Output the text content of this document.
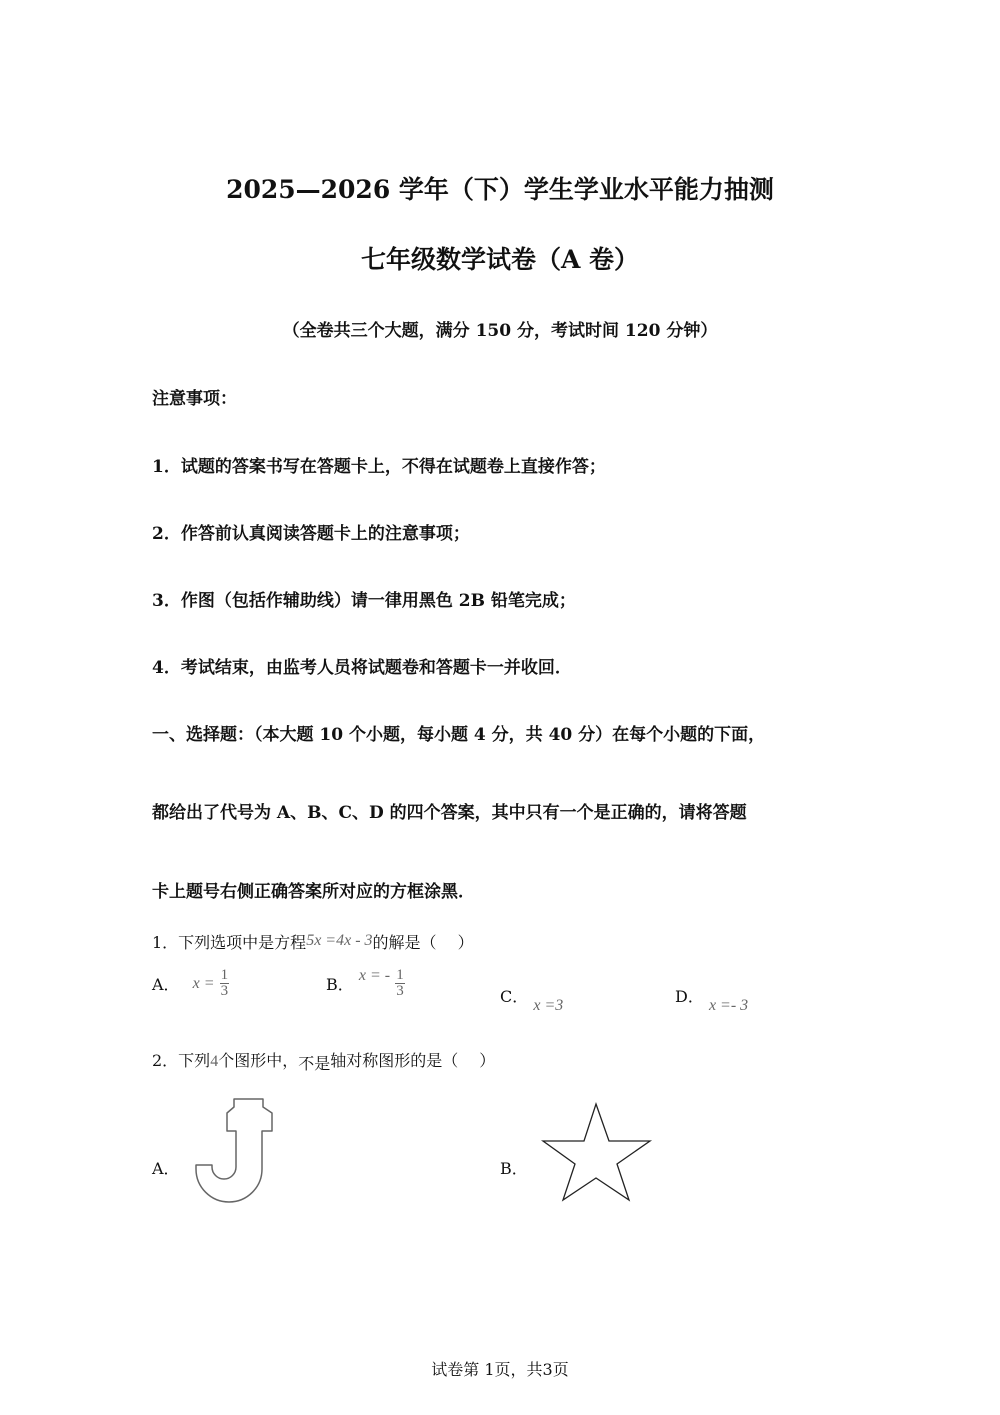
2025—2026 学年（下）学生学业水平能力抽测
七年级数学试卷（A 卷）
（全卷共三个大题，满分 150 分，考试时间 120 分钟）
注意事项：
1．试题的答案书写在答题卡上，不得在试题卷上直接作答；
2．作答前认真阅读答题卡上的注意事项；
3．作图（包括作辅助线）请一律用黑色 2B 铅笔完成；
4．考试结束，由监考人员将试题卷和答题卡一并收回．
一、选择题：（本大题 10 个小题，每小题 4 分，共 40 分）在每个小题的下面，
都给出了代号为 A、B、C、D 的四个答案，其中只有一个是正确的，请将答题
卡上题号右侧正确答案所对应的方框涂黑．
1．下列选项中是方程5x =4x - 3的解是（　 ）
A． $x = \frac{1}{3}$	B． x = - $\frac{1}{3}$	C． x =3	D． x =- 3
2．下列4个图形中，不是轴对称图形的是（　 ）
A．	B．
试卷第 1页，共3页
